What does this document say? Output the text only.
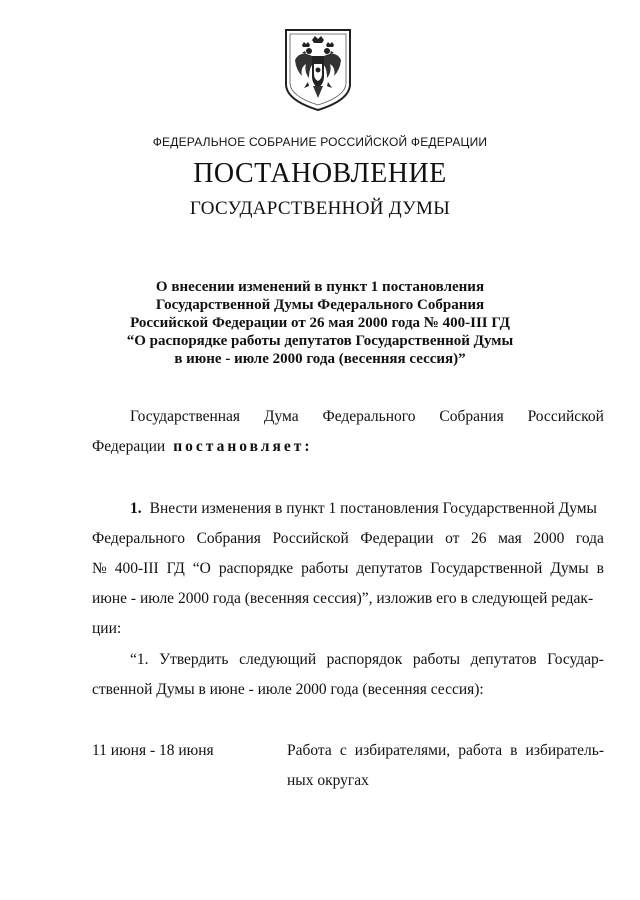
ФЕДЕРАЛЬНОЕ СОБРАНИЕ РОССИЙСКОЙ ФЕДЕРАЦИИ
ПОСТАНОВЛЕНИЕ
ГОСУДАРСТВЕННОЙ ДУМЫ
О внесении изменений в пункт 1 постановления
Государственной Думы Федерального Собрания
Российской Федерации от 26 мая 2000 года № 400-III ГД
“О распорядке работы депутатов Государственной Думы
в июне - июле 2000 года (весенняя сессия)”
Государственная Дума Федерального Собрания Российской
Федерации постановляет:
1. Внести изменения в пункт 1 постановления Государственной Думы
Федерального Собрания Российской Федерации от 26 мая 2000 года
№ 400-III ГД “О распорядке работы депутатов Государственной Думы в
июне - июле 2000 года (весенняя сессия)”, изложив его в следующей редак-
ции:
“1. Утвердить следующий распорядок работы депутатов Государ-
ственной Думы в июне - июле 2000 года (весенняя сессия):
11 июня - 18 июня	Работа с избирателями, работа в избиратель-
ных округах
